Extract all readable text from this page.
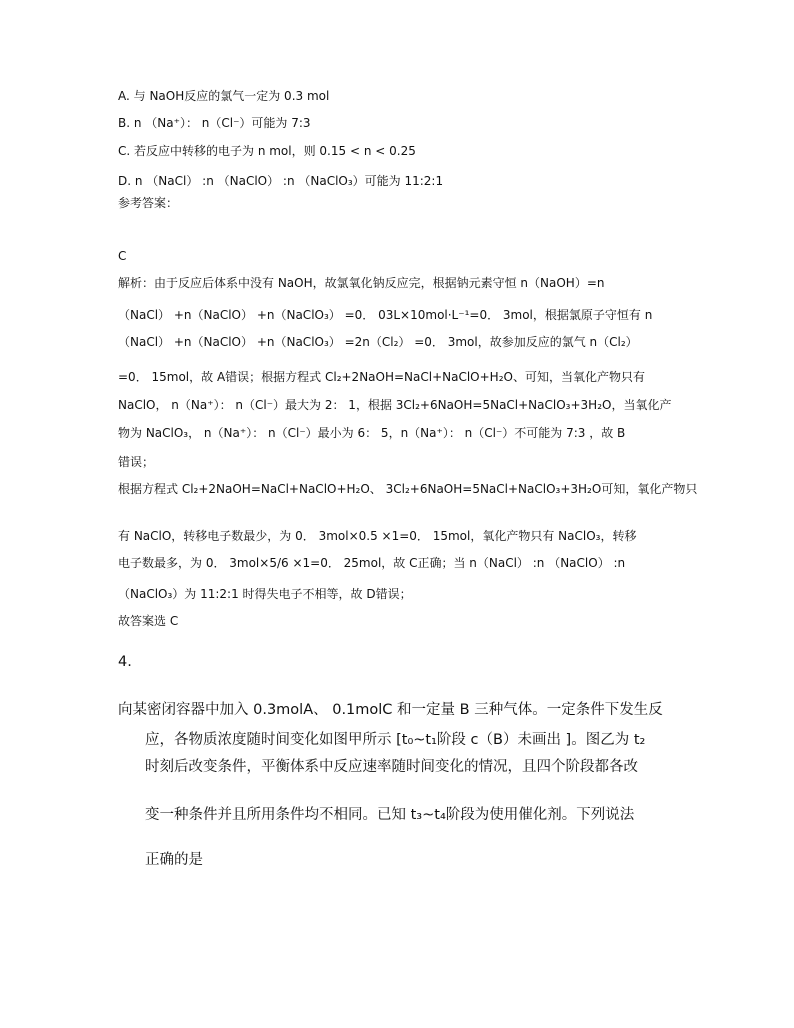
A. 与 NaOH反应的氯气一定为 0.3 mol
B. n （Na⁺）： n（Cl⁻）可能为 7:3
C. 若反应中转移的电子为 n mol，则 0.15 < n < 0.25
D. n （NaCl） :n （NaClO） :n （NaClO₃）可能为 11:2:1
参考答案：
C
解析：由于反应后体系中没有 NaOH，故氯氧化钠反应完，根据钠元素守恒 n（NaOH）=n
（NaCl） +n（NaClO） +n（NaClO₃） =0． 03L×10mol·L⁻¹=0． 3mol，根据氯原子守恒有 n
（NaCl） +n（NaClO） +n（NaClO₃） =2n（Cl₂） =0． 3mol，故参加反应的氯气 n（Cl₂）
=0． 15mol，故 A错误；根据方程式 Cl₂+2NaOH=NaCl+NaClO+H₂O、可知，当氧化产物只有
NaClO， n（Na⁺）： n（Cl⁻）最大为 2： 1，根据 3Cl₂+6NaOH=5NaCl+NaClO₃+3H₂O，当氧化产
物为 NaClO₃， n（Na⁺）： n（Cl⁻）最小为 6： 5，n（Na⁺）： n（Cl⁻）不可能为 7:3 ，故 B
错误；
根据方程式 Cl₂+2NaOH=NaCl+NaClO+H₂O、 3Cl₂+6NaOH=5NaCl+NaClO₃+3H₂O可知，氧化产物只
有 NaClO，转移电子数最少，为 0． 3mol×0.5 ×1=0． 15mol，氧化产物只有 NaClO₃，转移
电子数最多，为 0． 3mol×5/6 ×1=0． 25mol，故 C正确；当 n（NaCl） :n （NaClO） :n
（NaClO₃）为 11:2:1 时得失电子不相等，故 D错误；
故答案选 C
4.
向某密闭容器中加入 0.3molA、 0.1molC 和一定量 B 三种气体。一定条件下发生反
应，各物质浓度随时间变化如图甲所示 [t₀~t₁阶段 c（B）未画出 ]。图乙为 t₂
时刻后改变条件，平衡体系中反应速率随时间变化的情况，且四个阶段都各改
变一种条件并且所用条件均不相同。已知 t₃~t₄阶段为使用催化剂。下列说法
正确的是
